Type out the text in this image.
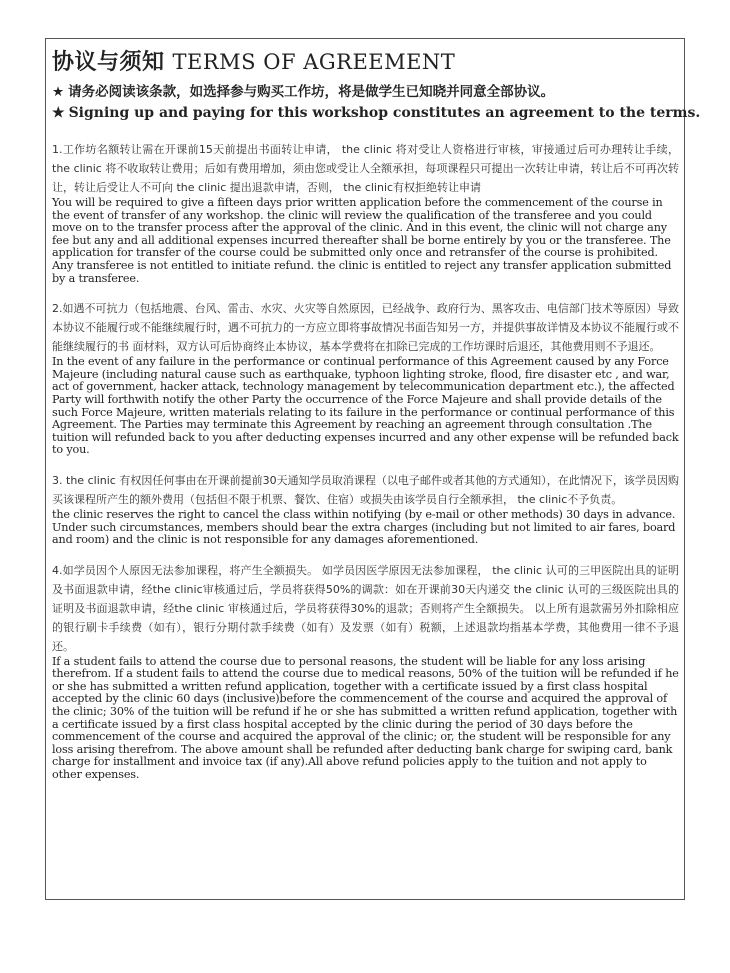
协议与须知 TERMS OF AGREEMENT

★ 请务必阅读该条款，如选择参与购买工作坊，将是做学生已知晓并同意全部协议。

★ Signing up and paying for this workshop constitutes an agreement to the terms.

1.工作坊名额转让需在开课前15天前提出书面转让申请， the clinic 将对受让人资格进行审核，审接通过后可办理转让手续， the clinic 将不收取转让费用；后如有费用增加，须由您或受让人全额承担，每项课程只可提出一次转让申请，转让后不可再次转让，转让后受让人不可向 the clinic 提出退款申请，否则， the clinic有权拒绝转让申请

You will be required to give a fifteen days prior written application before the commencement of the course in the event of transfer of any workshop. the clinic will review the qualification of the transferee and you could move on to the transfer process after the approval of the clinic. And in this event, the clinic will not charge any fee but any and all additional expenses incurred thereafter shall be borne entirely by you or the transferee. The application for transfer of the course could be submitted only once and retransfer of the course is prohibited. Any transferee is not entitled to initiate refund. the clinic is entitled to reject any transfer application submitted by a transferee.

2.如遇不可抗力（包括地震、台风、雷击、水灾、火灾等自然原因，已经战争、政府行为、黑客攻击、电信部门技术等原因）导致本协议不能履行或不能继续履行时，遇不可抗力的一方应立即将事故情况书面告知另一方，并提供事故详情及本协议不能履行或不能继续履行的书 面材料，双方认可后协商终止本协议，基本学费将在扣除已完成的工作坊课时后退还，其他费用则不予退还。

In the event of any failure in the performance or continual performance of this Agreement caused by any Force Majeure (including natural cause such as earthquake, typhoon lighting stroke, flood, fire disaster etc , and war, act of government, hacker attack, technology management by telecommunication department etc.), the affected Party will forthwith notify the other Party the occurrence of the Force Majeure and shall provide details of the such Force Majeure, written materials relating to its failure in the performance or continual performance of this Agreement. The Parties may terminate this Agreement by reaching an agreement through consultation .The tuition will refunded back to you after deducting expenses incurred and any other expense will be refunded back to you.

3. the clinic 有权因任何事由在开课前提前30天通知学员取消课程（以电子邮件或者其他的方式通知），在此情况下，该学员因购买该课程所产生的额外费用（包括但不限于机票、餐饮、住宿）或损失由该学员自行全额承担， the clinic不予负责。

the clinic reserves the right to cancel the class within notifying (by e-mail or other methods) 30 days in advance. Under such circumstances, members should bear the extra charges (including but not limited to air fares, board and room) and the clinic is not responsible for any damages aforementioned.

4.如学员因个人原因无法参加课程，将产生全额损失。 如学员因医学原因无法参加课程， the clinic 认可的三甲医院出具的证明及书面退款申请，经the clinic审核通过后，学员将获得50%的调款：如在开课前30天内递交 the clinic 认可的三级医院出具的证明及书面退款申请，经the clinic 审核通过后，学员将获得30%的退款；否则将产生全额损失。 以上所有退款需另外扣除相应的银行刷卡手续费（如有），银行分期付款手续费（如有）及发票（如有）税额，上述退款均指基本学费，其他费用一律不予退还。

If a student fails to attend the course due to personal reasons, the student will be liable for any loss arising therefrom. If a student fails to attend the course due to medical reasons, 50% of the tuition will be refunded if he or she has submitted a written refund application, together with a certificate issued by a first class hospital accepted by the clinic 60 days (inclusive)before the commencement of the course and acquired the approval of the clinic; 30% of the tuition will be refund if he or she has submitted a written refund application, together with a certificate issued by a first class hospital accepted by the clinic during the period of 30 days before the commencement of the course and acquired the approval of the clinic; or, the student will be responsible for any loss arising therefrom. The above amount shall be refunded after deducting bank charge for swiping card, bank charge for installment and invoice tax (if any).All above refund policies apply to the tuition and not apply to other expenses.
